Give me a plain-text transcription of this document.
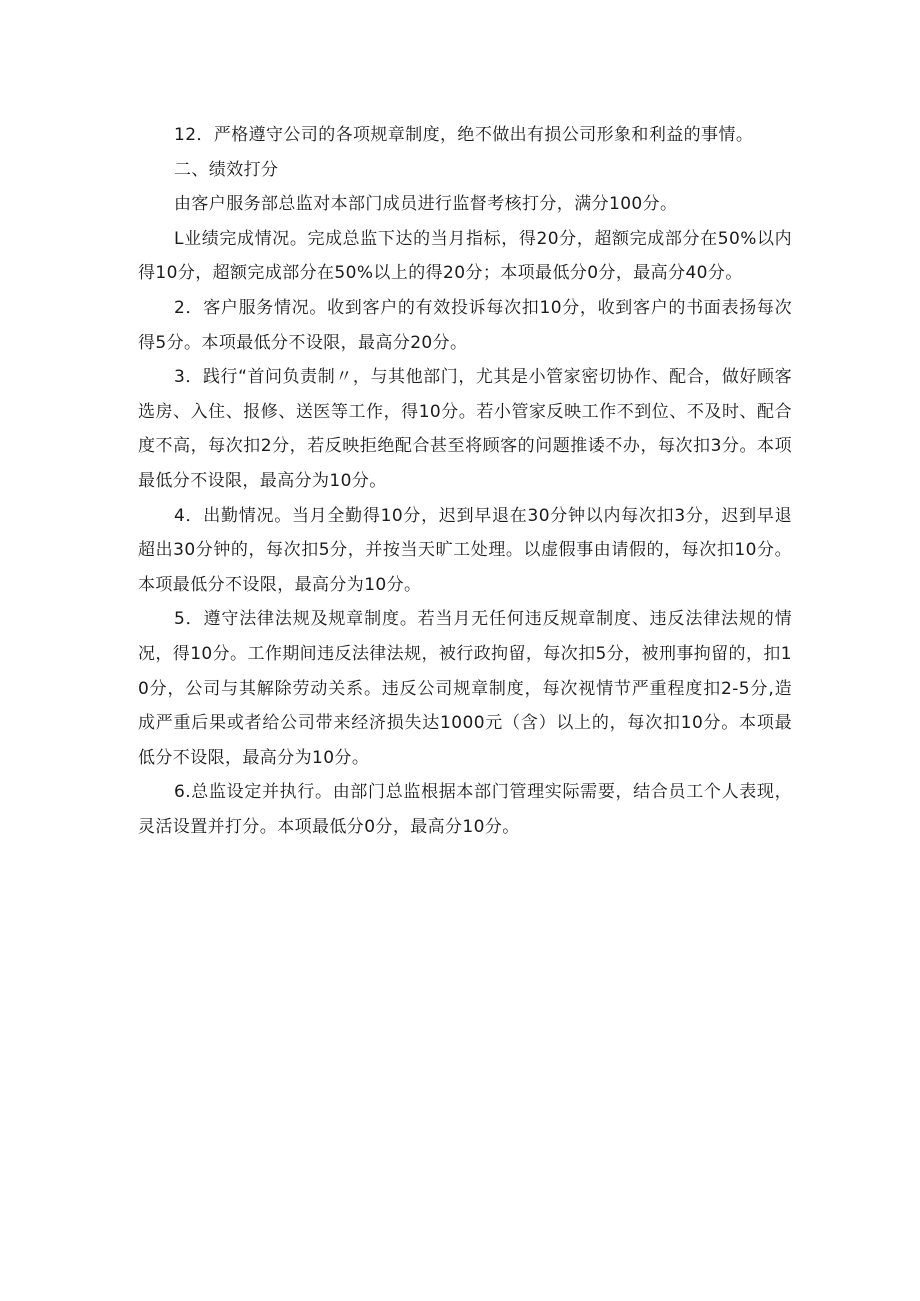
12．严格遵守公司的各项规章制度，绝不做出有损公司形象和利益的事情。

二、绩效打分

由客户服务部总监对本部门成员进行监督考核打分，满分100分。

L业绩完成情况。完成总监下达的当月指标，得20分，超额完成部分在50%以内得10分，超额完成部分在50%以上的得20分；本项最低分0分，最高分40分。

2．客户服务情况。收到客户的有效投诉每次扣10分，收到客户的书面表扬每次得5分。本项最低分不设限，最高分20分。

3．践行“首问负责制〃，与其他部门，尤其是小管家密切协作、配合，做好顾客选房、入住、报修、送医等工作，得10分。若小管家反映工作不到位、不及时、配合度不高，每次扣2分，若反映拒绝配合甚至将顾客的问题推诿不办，每次扣3分。本项最低分不设限，最高分为10分。

4．出勤情况。当月全勤得10分，迟到早退在30分钟以内每次扣3分，迟到早退超出30分钟的，每次扣5分，并按当天旷工处理。以虚假事由请假的，每次扣10分。本项最低分不设限，最高分为10分。

5．遵守法律法规及规章制度。若当月无任何违反规章制度、违反法律法规的情况，得10分。工作期间违反法律法规，被行政拘留，每次扣5分，被刑事拘留的，扣10分，公司与其解除劳动关系。违反公司规章制度，每次视情节严重程度扣2-5分,造成严重后果或者给公司带来经济损失达1000元（含）以上的，每次扣10分。本项最低分不设限，最高分为10分。

6.总监设定并执行。由部门总监根据本部门管理实际需要，结合员工个人表现，灵活设置并打分。本项最低分0分，最高分10分。
